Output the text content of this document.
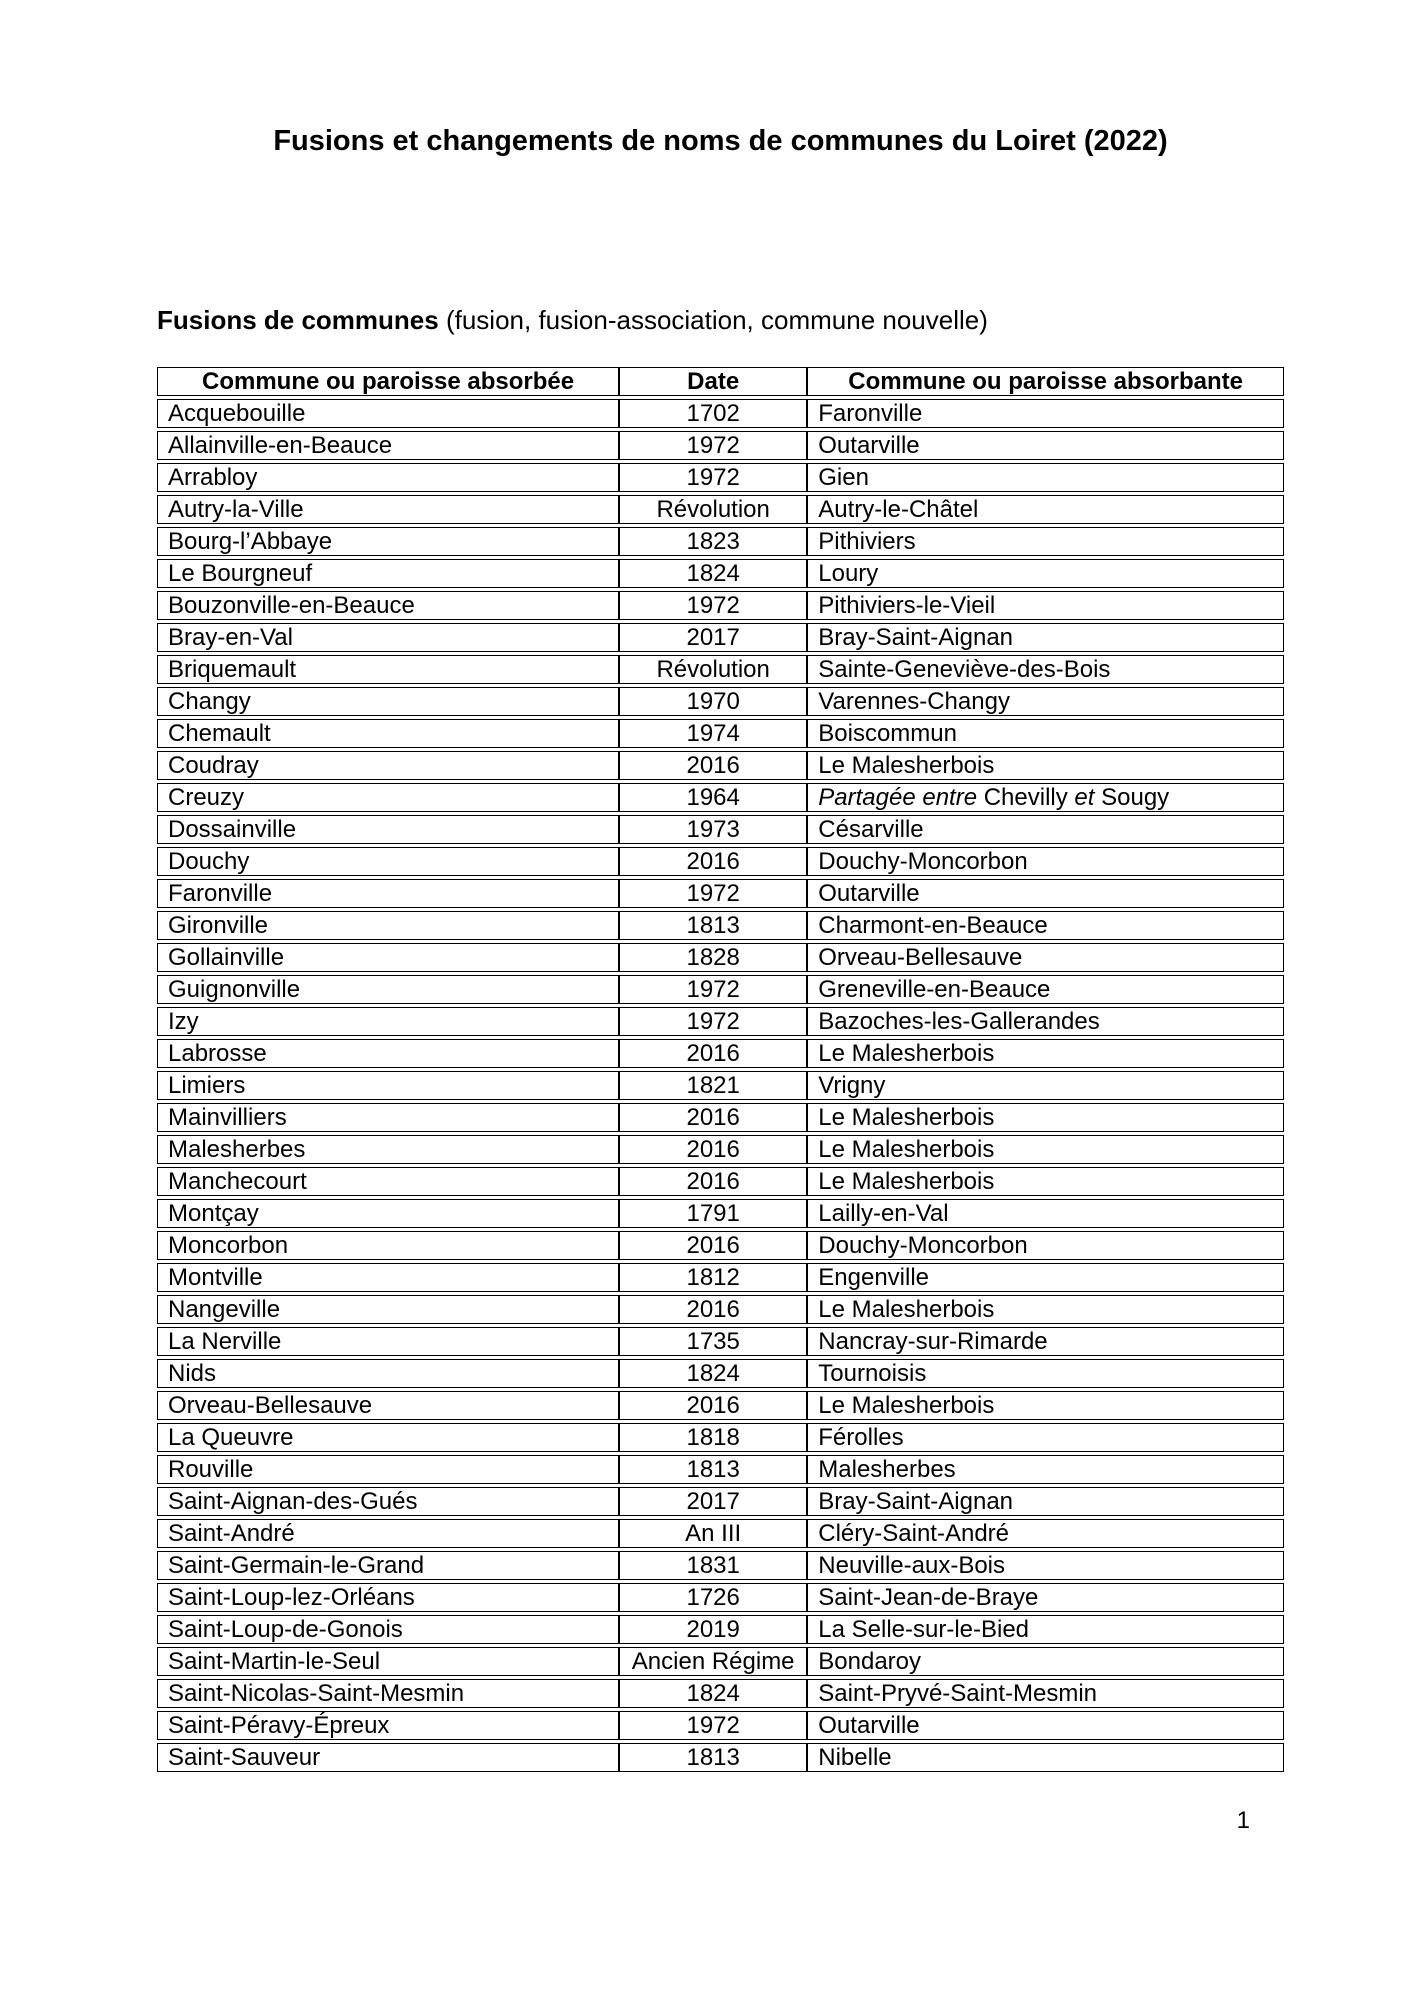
Fusions et changements de noms de communes du Loiret (2022)

Fusions de communes (fusion, fusion-association, commune nouvelle)

Commune ou paroisse absorbée	Date	Commune ou paroisse absorbante
Acquebouille	1702	Faronville
Allainville-en-Beauce	1972	Outarville
Arrabloy	1972	Gien
Autry-la-Ville	Révolution	Autry-le-Châtel
Bourg-l’Abbaye	1823	Pithiviers
Le Bourgneuf	1824	Loury
Bouzonville-en-Beauce	1972	Pithiviers-le-Vieil
Bray-en-Val	2017	Bray-Saint-Aignan
Briquemault	Révolution	Sainte-Geneviève-des-Bois
Changy	1970	Varennes-Changy
Chemault	1974	Boiscommun
Coudray	2016	Le Malesherbois
Creuzy	1964	Partagée entre Chevilly et Sougy
Dossainville	1973	Césarville
Douchy	2016	Douchy-Moncorbon
Faronville	1972	Outarville
Gironville	1813	Charmont-en-Beauce
Gollainville	1828	Orveau-Bellesauve
Guignonville	1972	Greneville-en-Beauce
Izy	1972	Bazoches-les-Gallerandes
Labrosse	2016	Le Malesherbois
Limiers	1821	Vrigny
Mainvilliers	2016	Le Malesherbois
Malesherbes	2016	Le Malesherbois
Manchecourt	2016	Le Malesherbois
Montçay	1791	Lailly-en-Val
Moncorbon	2016	Douchy-Moncorbon
Montville	1812	Engenville
Nangeville	2016	Le Malesherbois
La Nerville	1735	Nancray-sur-Rimarde
Nids	1824	Tournoisis
Orveau-Bellesauve	2016	Le Malesherbois
La Queuvre	1818	Férolles
Rouville	1813	Malesherbes
Saint-Aignan-des-Gués	2017	Bray-Saint-Aignan
Saint-André	An III	Cléry-Saint-André
Saint-Germain-le-Grand	1831	Neuville-aux-Bois
Saint-Loup-lez-Orléans	1726	Saint-Jean-de-Braye
Saint-Loup-de-Gonois	2019	La Selle-sur-le-Bied
Saint-Martin-le-Seul	Ancien Régime	Bondaroy
Saint-Nicolas-Saint-Mesmin	1824	Saint-Pryvé-Saint-Mesmin
Saint-Péravy-Épreux	1972	Outarville
Saint-Sauveur	1813	Nibelle
1
